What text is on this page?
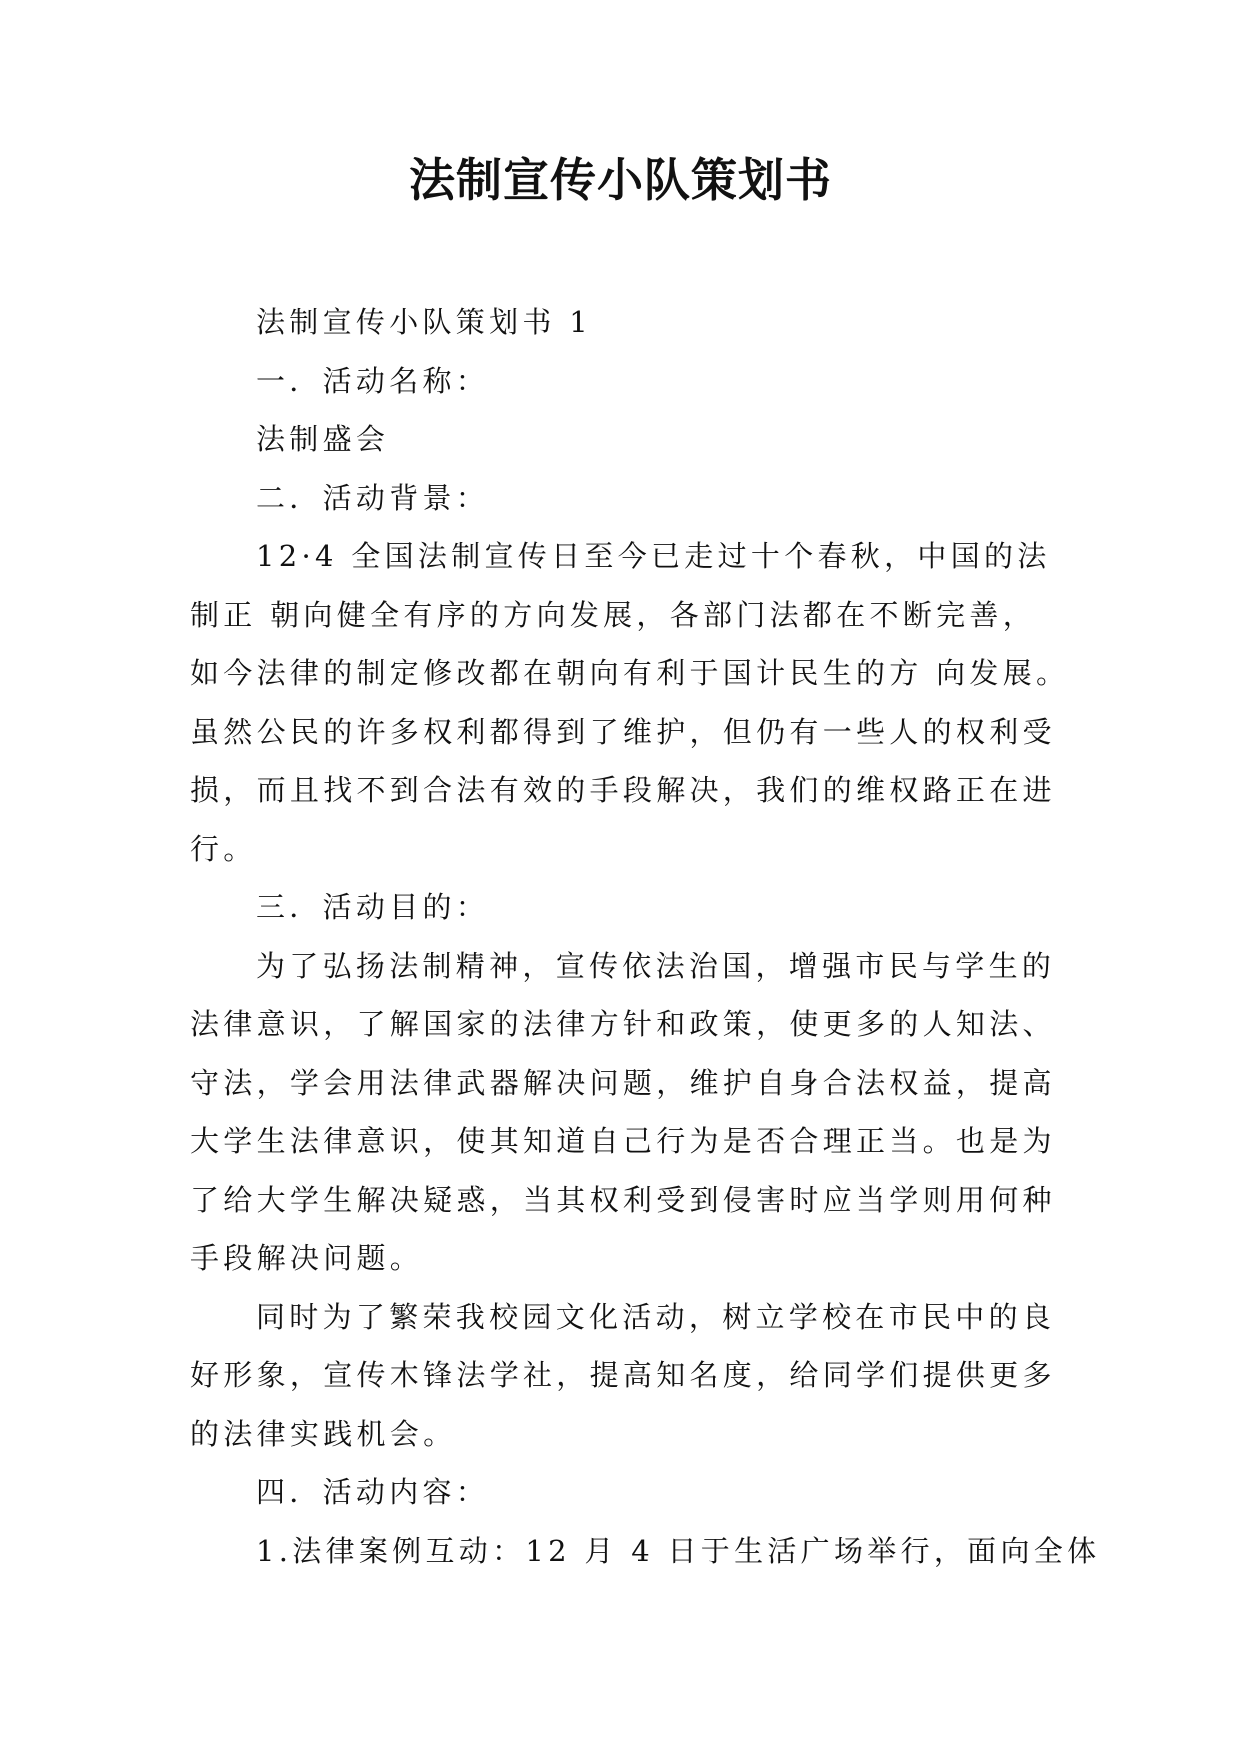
法制宣传小队策划书

法制宣传小队策划书 1

一．活动名称：

法制盛会

二．活动背景：

12·4 全国法制宣传日至今已走过十个春秋，中国的法

制正 朝向健全有序的方向发展，各部门法都在不断完善，

如今法律的制定修改都在朝向有利于国计民生的方 向发展。

虽然公民的许多权利都得到了维护，但仍有一些人的权利受

损，而且找不到合法有效的手段解决，我们的维权路正在进

行。

三．活动目的：

为了弘扬法制精神，宣传依法治国，增强市民与学生的

法律意识，了解国家的法律方针和政策，使更多的人知法、

守法，学会用法律武器解决问题，维护自身合法权益，提高

大学生法律意识，使其知道自己行为是否合理正当。也是为

了给大学生解决疑惑，当其权利受到侵害时应当学则用何种

手段解决问题。

同时为了繁荣我校园文化活动，树立学校在市民中的良

好形象，宣传木锋法学社，提高知名度，给同学们提供更多

的法律实践机会。

四．活动内容：

1.法律案例互动：12 月 4 日于生活广场举行，面向全体
